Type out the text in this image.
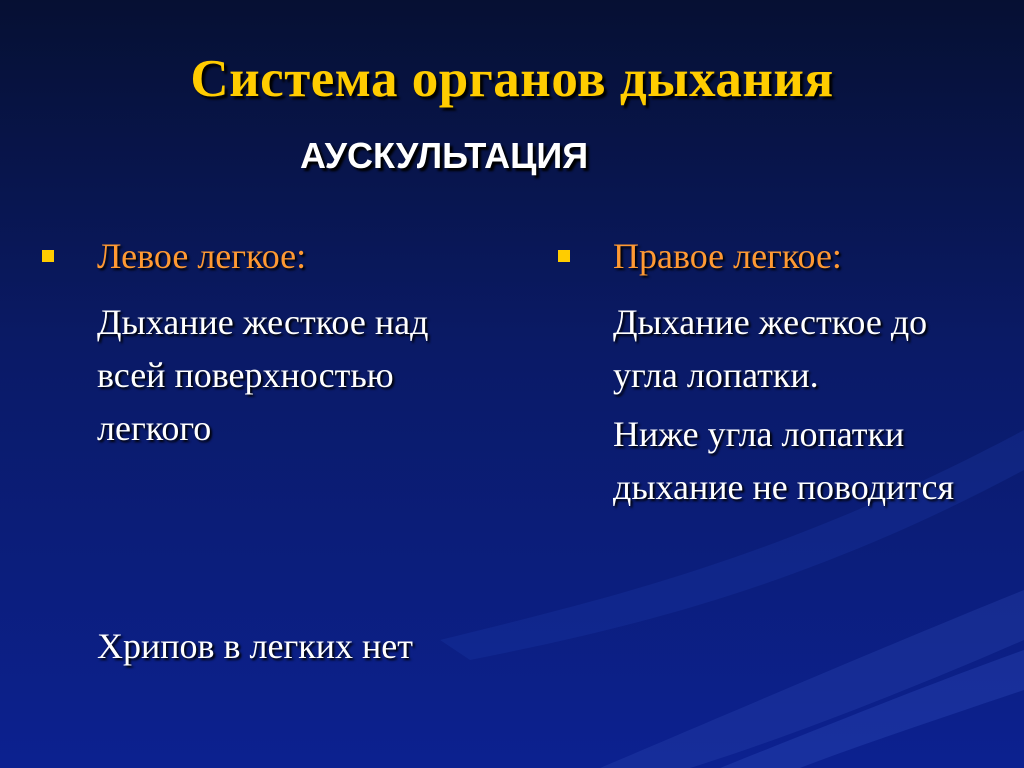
Система органов дыхания
АУСКУЛЬТАЦИЯ
Левое легкое:
Дыхание жесткое над всей поверхностью легкого
Хрипов в легких нет
Правое легкое:
Дыхание жесткое до угла лопатки.
Ниже угла лопатки дыхание не поводится
